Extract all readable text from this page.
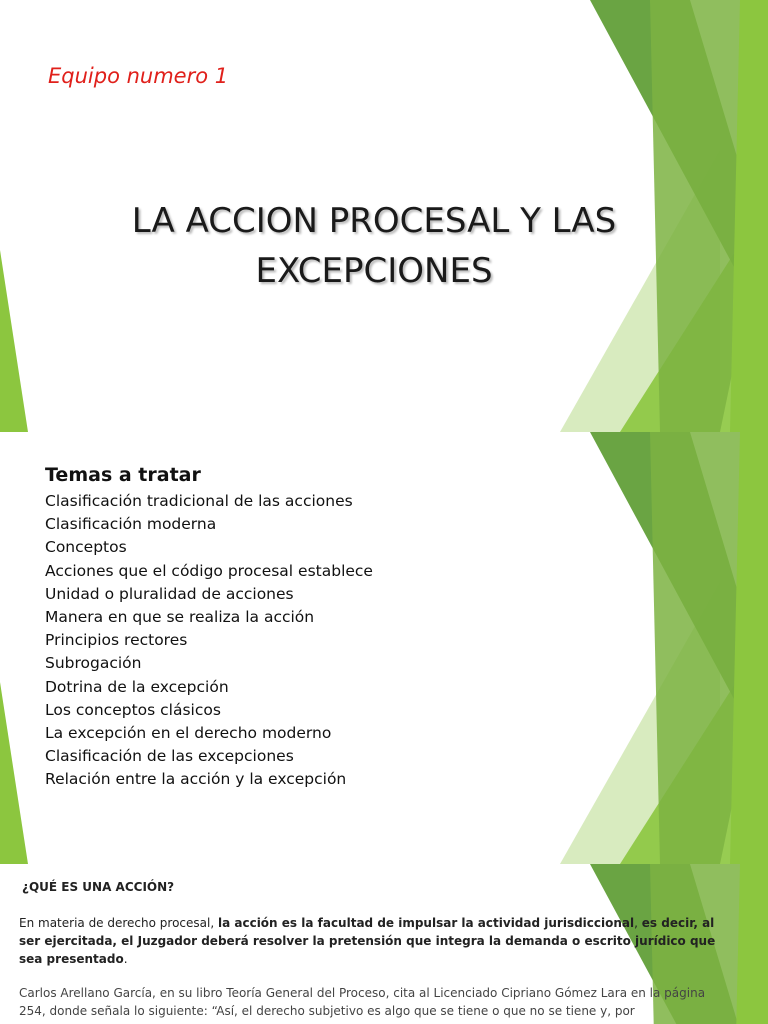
Equipo numero 1
LA ACCION PROCESAL Y LAS EXCEPCIONES
Temas a tratar
Clasificación tradicional de las acciones
Clasificación moderna
Conceptos
Acciones que el código procesal establece
Unidad o pluralidad de acciones
Manera en que se realiza la acción
Principios rectores
Subrogación
Dotrina de la excepción
Los conceptos clásicos
La excepción en el derecho moderno
Clasificación de las excepciones
Relación entre la acción y la excepción
¿QUÉ ES UNA ACCIÓN?

En materia de derecho procesal, la acción es la facultad de impulsar la actividad jurisdiccional, es decir, al ser ejercitada, el Juzgador deberá resolver la pretensión que integra la demanda o escrito jurídico que sea presentado.

Carlos Arellano García, en su libro Teoría General del Proceso, cita al Licenciado Cipriano Gómez Lara en la página 254, donde señala lo siguiente: “Así, el derecho subjetivo es algo que se tiene o que no se tiene y, por
